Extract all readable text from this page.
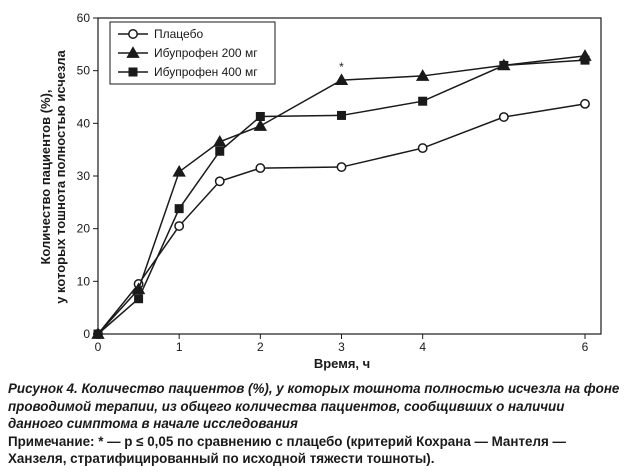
Количество пациентов (%), у которых тошнота полностью исчезла
0
10
20
30
40
50
60
0	1	2	3	4	6
Время, ч
*
Плацебо
Ибупрофен 200 мг
Ибупрофен 400 мг

Рисунок 4. Количество пациентов (%), у которых тошнота полностью исчезла на фоне проводимой терапии, из общего количества пациентов, сообщивших о наличии данного симптома в начале исследования

Примечание: * — p ≤ 0,05 по сравнению с плацебо (критерий Кохрана — Мантеля — Ханзеля, стратифицированный по исходной тяжести тошноты).
